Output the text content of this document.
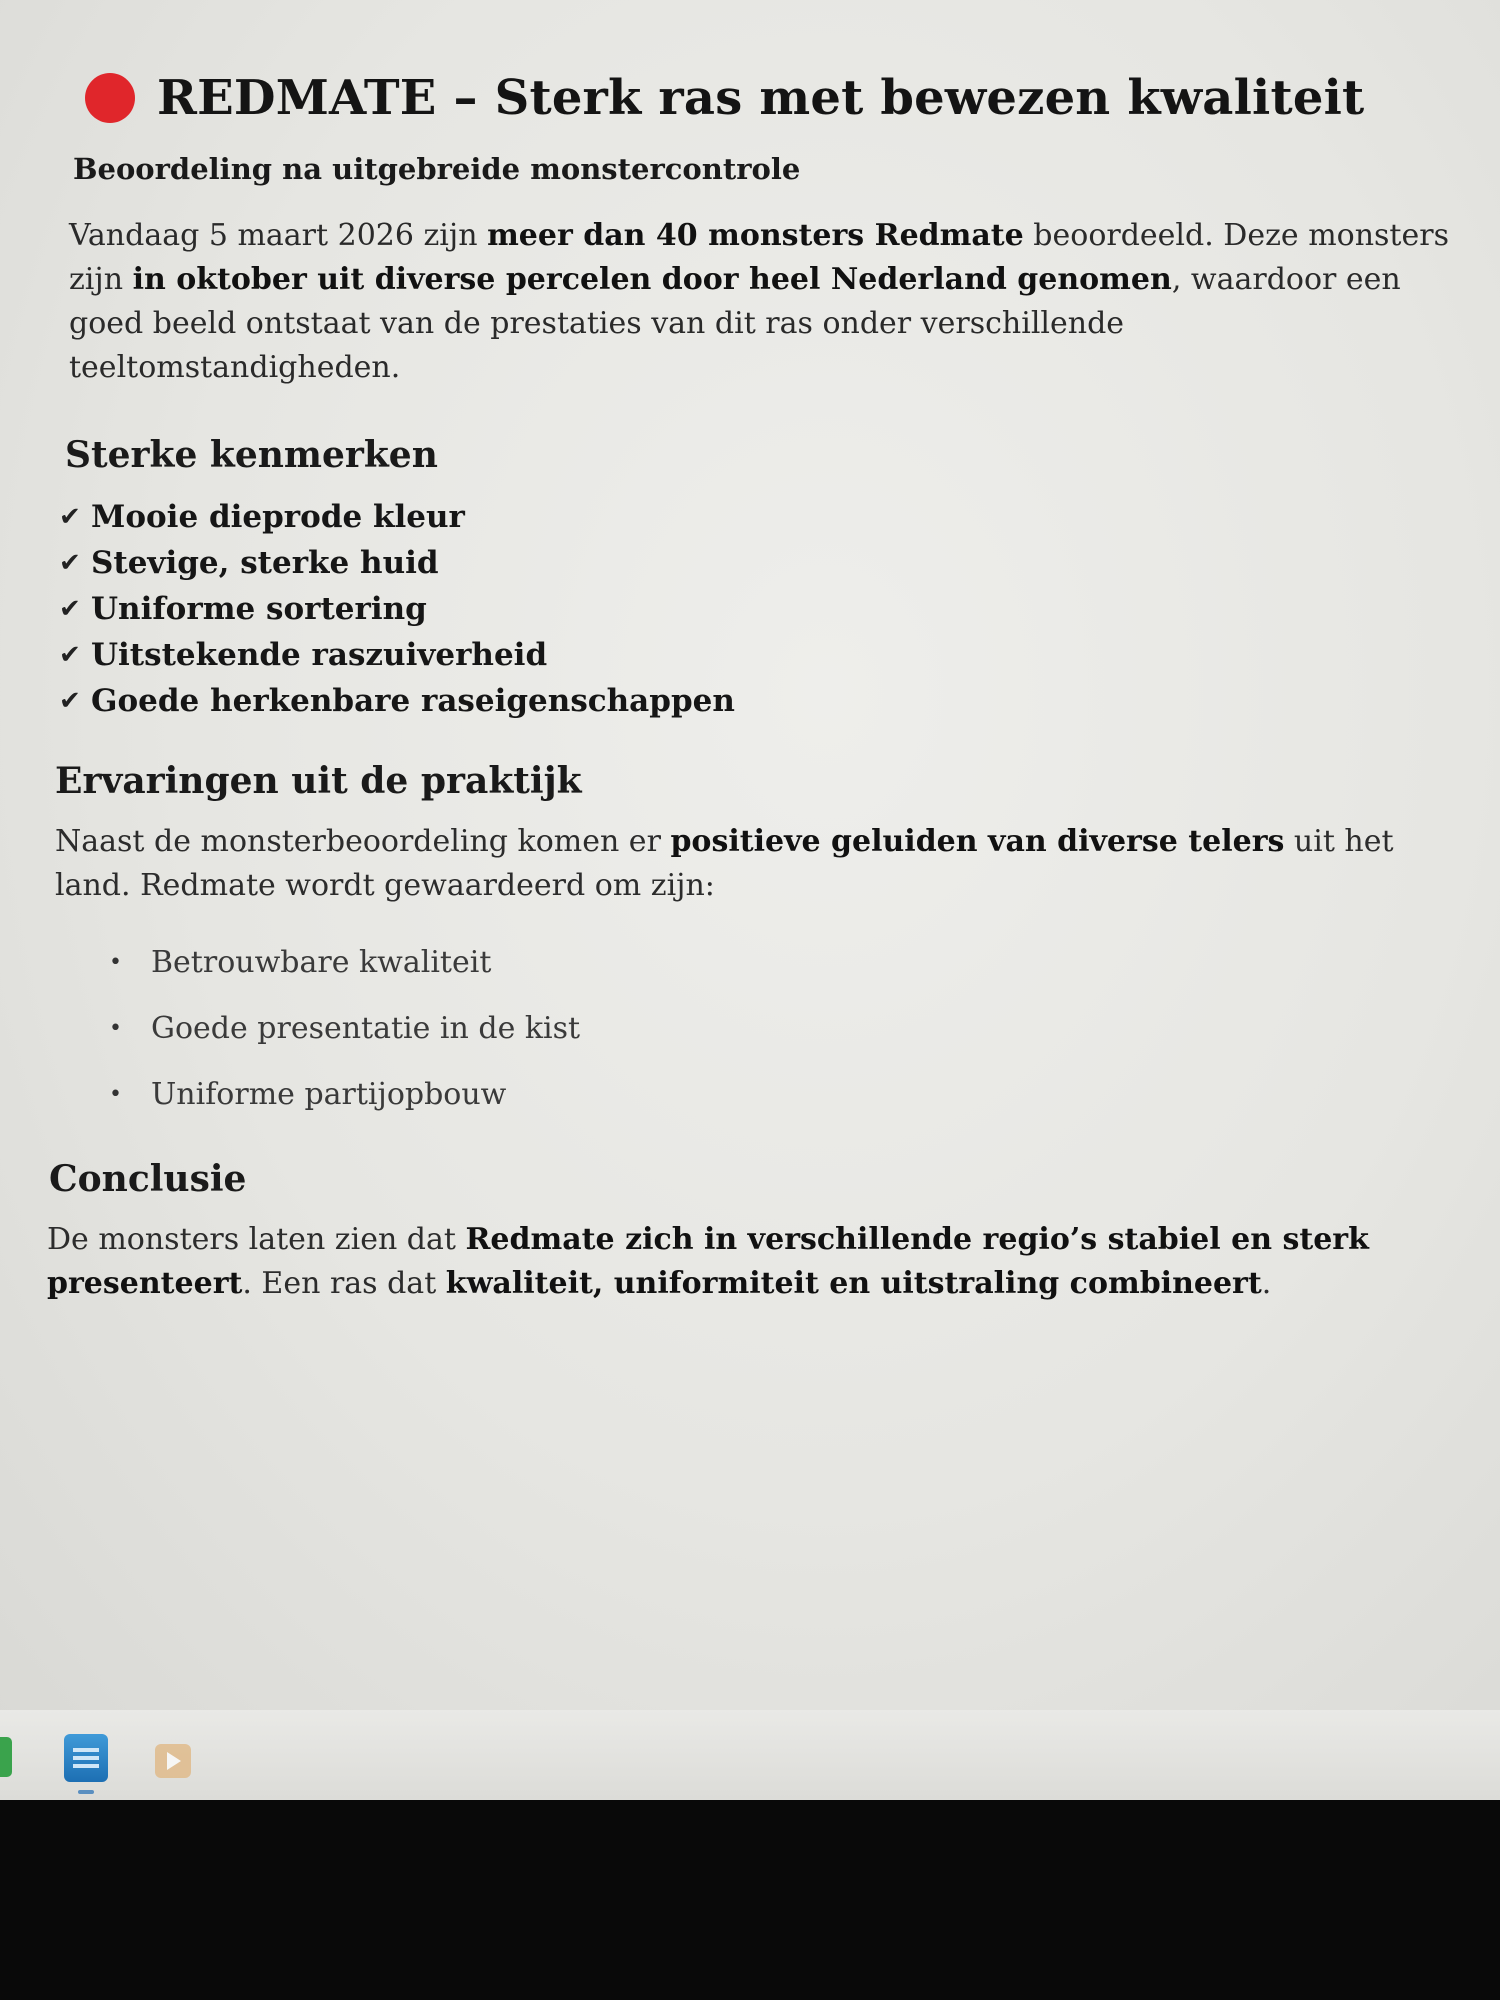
REDMATE – Sterk ras met bewezen kwaliteit
Beoordeling na uitgebreide monstercontrole

Vandaag 5 maart 2026 zijn meer dan 40 monsters Redmate beoordeeld. Deze monsters zijn in oktober uit diverse percelen door heel Nederland genomen, waardoor een goed beeld ontstaat van de prestaties van dit ras onder verschillende teeltomstandigheden.

Sterke kenmerken
✔ Mooie dieprode kleur
✔ Stevige, sterke huid
✔ Uniforme sortering
✔ Uitstekende raszuiverheid
✔ Goede herkenbare raseigenschappen
Ervaringen uit de praktijk

Naast de monsterbeoordeling komen er positieve geluiden van diverse telers uit het land. Redmate wordt gewaardeerd om zijn:

• Betrouwbare kwaliteit
• Goede presentatie in de kist
• Uniforme partijopbouw
Conclusie

De monsters laten zien dat Redmate zich in verschillende regio’s stabiel en sterk presenteert. Een ras dat kwaliteit, uniformiteit en uitstraling combineert.
